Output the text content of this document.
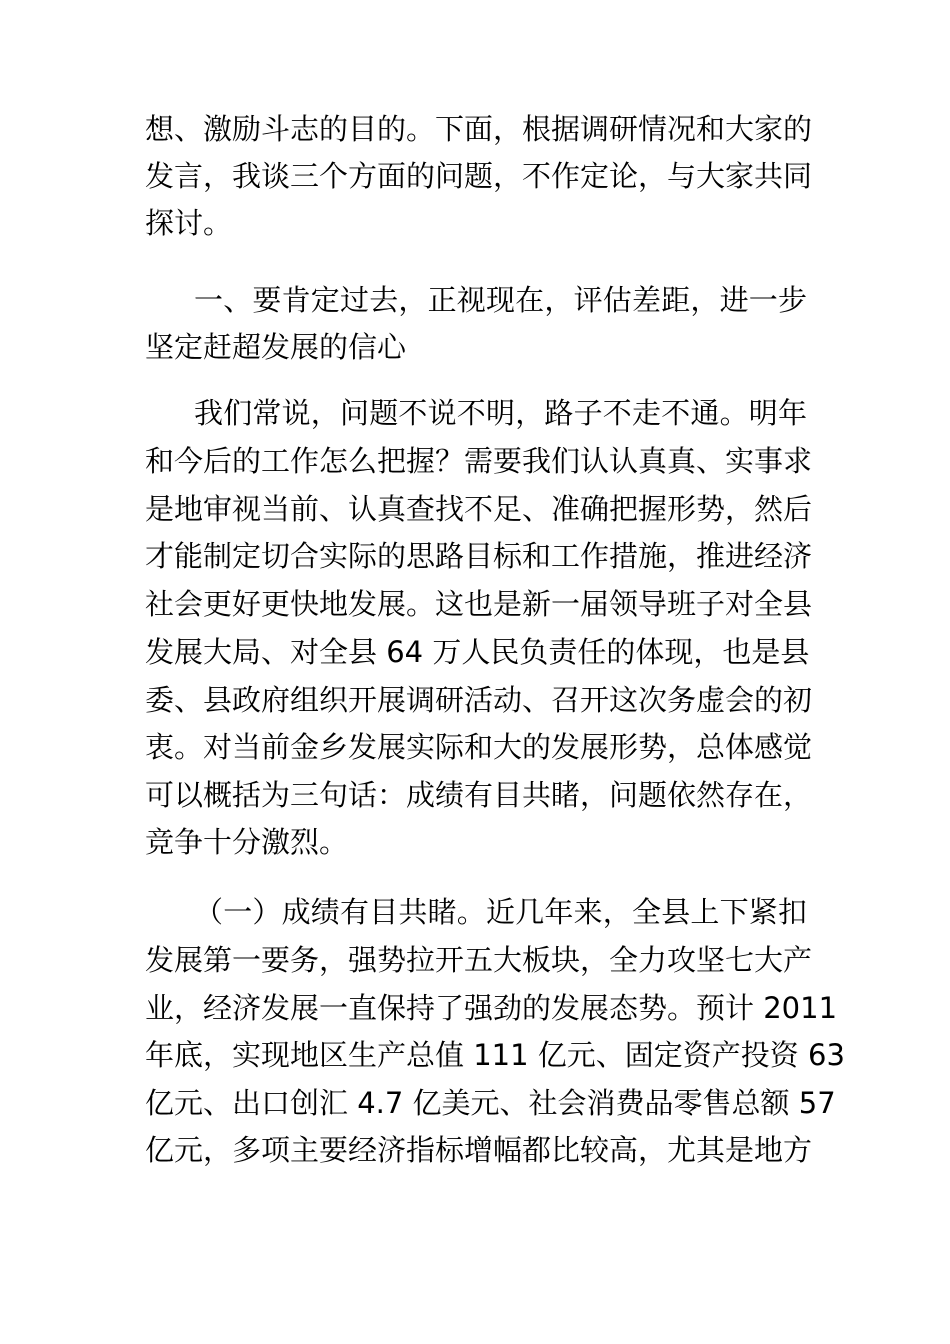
想、激励斗志的目的。下面，根据调研情况和大家的
发言，我谈三个方面的问题，不作定论，与大家共同
探讨。
一、要肯定过去，正视现在，评估差距，进一步
坚定赶超发展的信心
我们常说，问题不说不明，路子不走不通。明年
和今后的工作怎么把握？需要我们认认真真、实事求
是地审视当前、认真查找不足、准确把握形势，然后
才能制定切合实际的思路目标和工作措施，推进经济
社会更好更快地发展。这也是新一届领导班子对全县
发展大局、对全县 64 万人民负责任的体现，也是县
委、县政府组织开展调研活动、召开这次务虚会的初
衷。对当前金乡发展实际和大的发展形势，总体感觉
可以概括为三句话：成绩有目共睹，问题依然存在，
竞争十分激烈。
（一）成绩有目共睹。近几年来，全县上下紧扣
发展第一要务，强势拉开五大板块，全力攻坚七大产
业，经济发展一直保持了强劲的发展态势。预计 2011
年底，实现地区生产总值 111 亿元、固定资产投资 63
亿元、出口创汇 4.7 亿美元、社会消费品零售总额 57
亿元，多项主要经济指标增幅都比较高，尤其是地方
